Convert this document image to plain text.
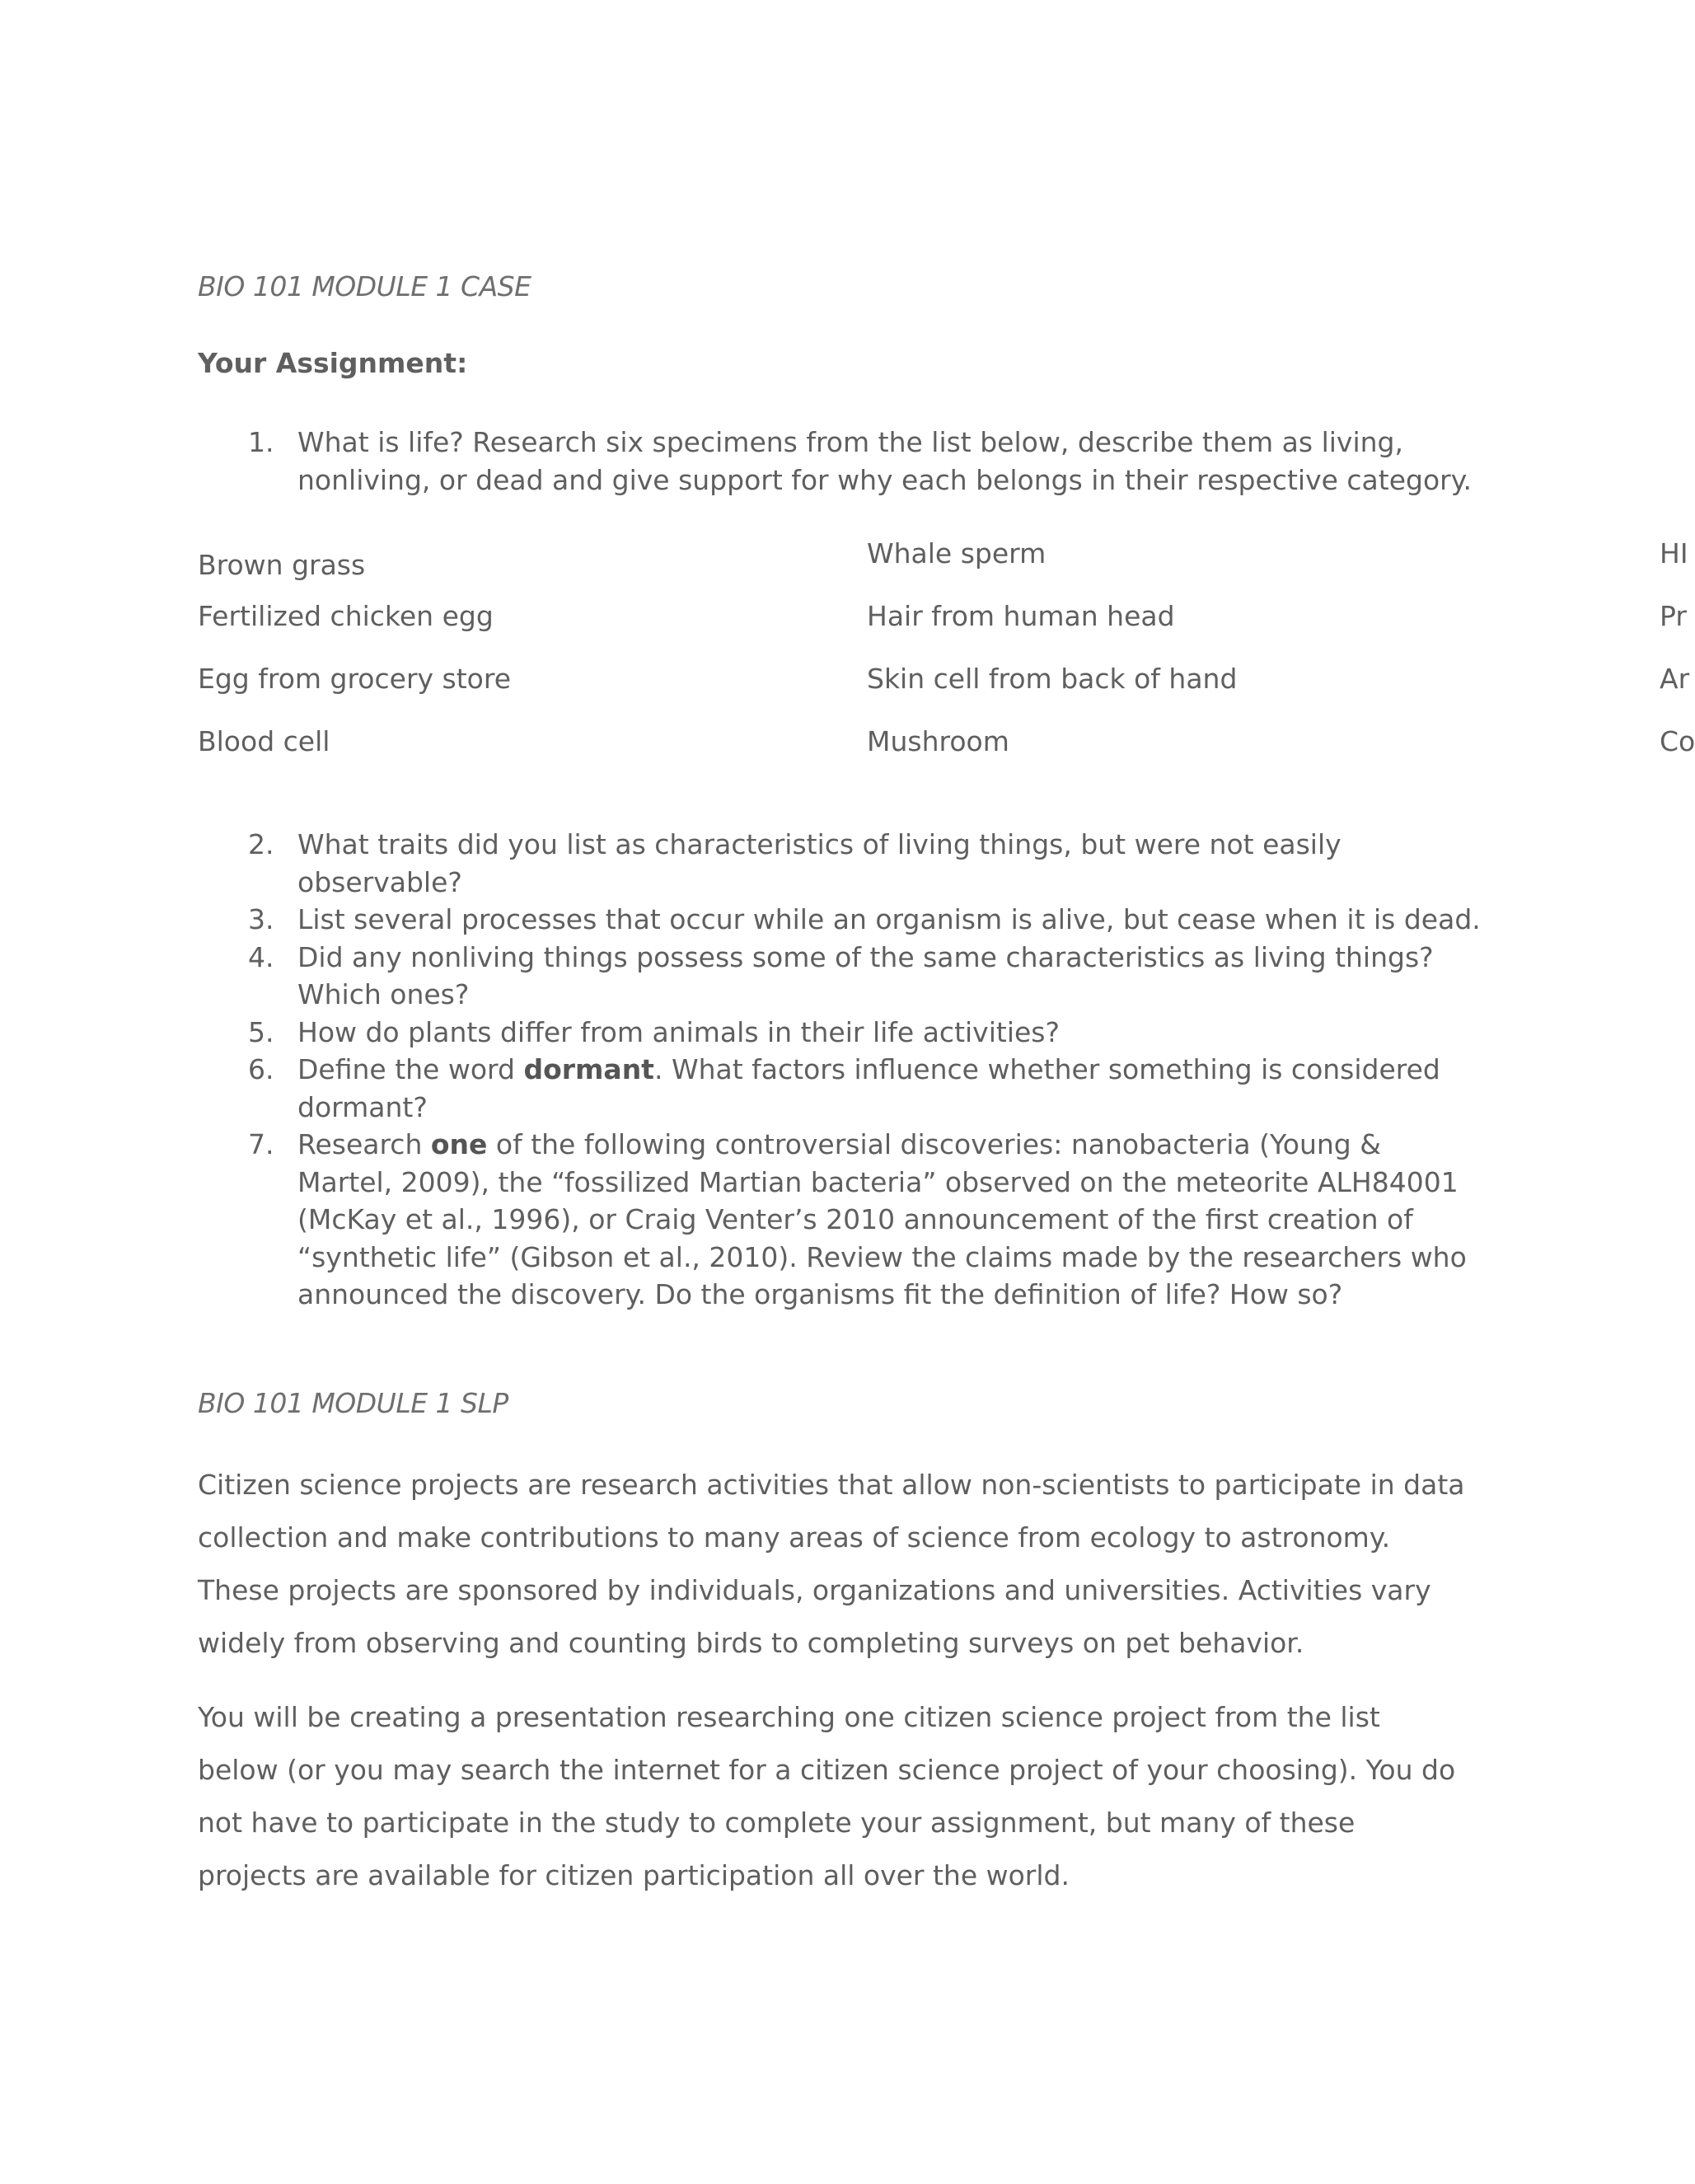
BIO 101 MODULE 1 CASE
Your Assignment:
1. What is life? Research six specimens from the list below, describe them as living, nonliving, or dead and give support for why each belongs in their respective category.
Brown grass
Fertilized chicken egg
Egg from grocery store
Blood cell
Whale sperm
Hair from human head
Skin cell from back of hand
Mushroom
HI
Pr
Ar
Co
2. What traits did you list as characteristics of living things, but were not easily observable?
3. List several processes that occur while an organism is alive, but cease when it is dead.
4. Did any nonliving things possess some of the same characteristics as living things? Which ones?
5. How do plants differ from animals in their life activities?
6. Define the word dormant. What factors influence whether something is considered dormant?
7. Research one of the following controversial discoveries: nanobacteria (Young & Martel, 2009), the “fossilized Martian bacteria” observed on the meteorite ALH84001 (McKay et al., 1996), or Craig Venter’s 2010 announcement of the first creation of “synthetic life” (Gibson et al., 2010). Review the claims made by the researchers who announced the discovery. Do the organisms fit the definition of life? How so?
BIO 101 MODULE 1 SLP

Citizen science projects are research activities that allow non-scientists to participate in data collection and make contributions to many areas of science from ecology to astronomy. These projects are sponsored by individuals, organizations and universities. Activities vary widely from observing and counting birds to completing surveys on pet behavior.

You will be creating a presentation researching one citizen science project from the list below (or you may search the internet for a citizen science project of your choosing). You do not have to participate in the study to complete your assignment, but many of these projects are available for citizen participation all over the world.
